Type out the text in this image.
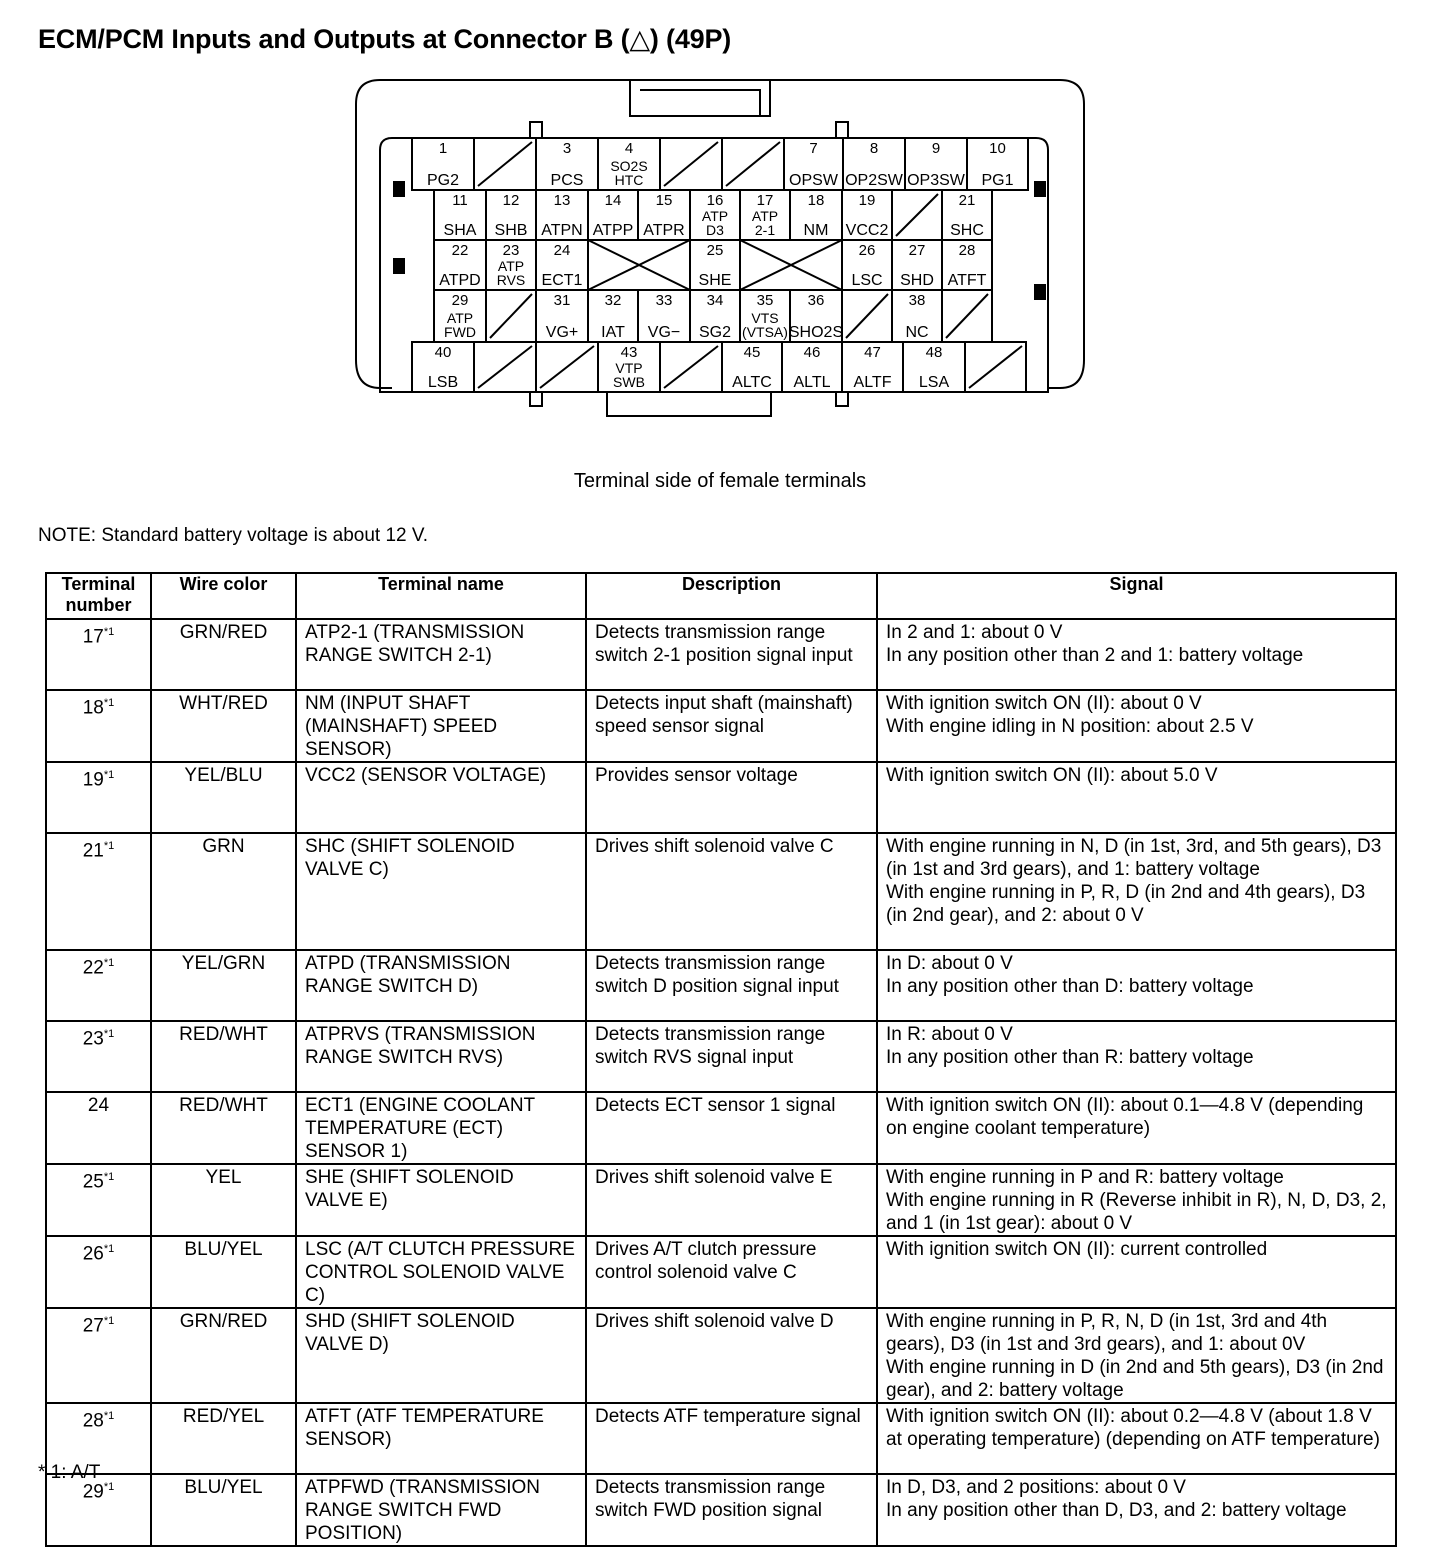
ECM/PCM Inputs and Outputs at Connector B (△) (49P)
1
PG2
3
PCS
4
SO2S
HTC
7
OPSW
8
OP2SW
9
OP3SW
10
PG1
11
SHA
12
SHB
13
ATPN
14
ATPP
15
ATPR
16
ATP
D3
17
ATP
2-1
18
NM
19
VCC2
21
SHC
22
ATPD
23
ATP
RVS
24
ECT1
25
SHE
26
LSC
27
SHD
28
ATFT
29
ATP
FWD
31
VG+
32
IAT
33
VG−
34
SG2
35
VTS
(VTSA)
36
SHO2S
38
NC
40
LSB
43
VTP
SWB
45
ALTC
46
ALTL
47
ALTF
48
LSA
Terminal side of female terminals
NOTE: Standard battery voltage is about 12 V.
Terminal number	Wire color	Terminal name	Description	Signal
17$^{*1}$	GRN/RED	ATP2-1 (TRANSMISSION RANGE SWITCH 2-1)	Detects transmission range switch 2-1 position signal input	In 2 and 1: about 0 V
In any position other than 2 and 1: battery voltage
18$^{*1}$	WHT/RED	NM (INPUT SHAFT (MAINSHAFT) SPEED SENSOR)	Detects input shaft (mainshaft) speed sensor signal	With ignition switch ON (II): about 0 V
With engine idling in N position: about 2.5 V
19$^{*1}$	YEL/BLU	VCC2 (SENSOR VOLTAGE)	Provides sensor voltage	With ignition switch ON (II): about 5.0 V
21$^{*1}$	GRN	SHC (SHIFT SOLENOID VALVE C)	Drives shift solenoid valve C	With engine running in N, D (in 1st, 3rd, and 5th gears), D3 (in 1st and 3rd gears), and 1: battery voltage
With engine running in P, R, D (in 2nd and 4th gears), D3 (in 2nd gear), and 2: about 0 V
22$^{*1}$	YEL/GRN	ATPD (TRANSMISSION RANGE SWITCH D)	Detects transmission range switch D position signal input	In D: about 0 V
In any position other than D: battery voltage
23$^{*1}$	RED/WHT	ATPRVS (TRANSMISSION RANGE SWITCH RVS)	Detects transmission range switch RVS signal input	In R: about 0 V
In any position other than R: battery voltage
24	RED/WHT	ECT1 (ENGINE COOLANT TEMPERATURE (ECT) SENSOR 1)	Detects ECT sensor 1 signal	With ignition switch ON (II): about 0.1—4.8 V (depending on engine coolant temperature)
25$^{*1}$	YEL	SHE (SHIFT SOLENOID VALVE E)	Drives shift solenoid valve E	With engine running in P and R: battery voltage
With engine running in R (Reverse inhibit in R), N, D, D3, 2, and 1 (in 1st gear): about 0 V
26$^{*1}$	BLU/YEL	LSC (A/T CLUTCH PRESSURE CONTROL SOLENOID VALVE C)	Drives A/T clutch pressure control solenoid valve C	With ignition switch ON (II): current controlled
27$^{*1}$	GRN/RED	SHD (SHIFT SOLENOID VALVE D)	Drives shift solenoid valve D	With engine running in P, R, N, D (in 1st, 3rd and 4th gears), D3 (in 1st and 3rd gears), and 1: about 0V
With engine running in D (in 2nd and 5th gears), D3 (in 2nd gear), and 2: battery voltage
28$^{*1}$	RED/YEL	ATFT (ATF TEMPERATURE SENSOR)	Detects ATF temperature signal	With ignition switch ON (II): about 0.2—4.8 V (about 1.8 V at operating temperature) (depending on ATF temperature)
29$^{*1}$	BLU/YEL	ATPFWD (TRANSMISSION RANGE SWITCH FWD POSITION)	Detects transmission range switch FWD position signal	In D, D3, and 2 positions: about 0 V
In any position other than D, D3, and 2: battery voltage
* 1: A/T
